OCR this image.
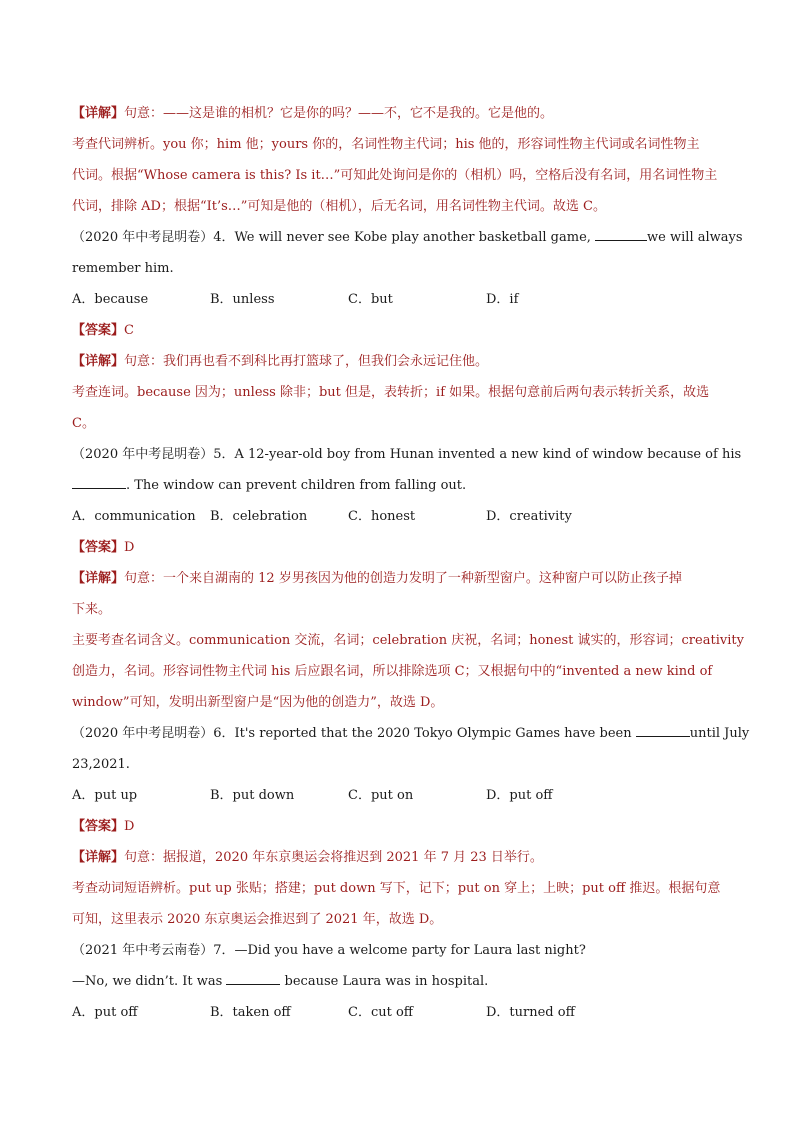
【详解】句意：——这是谁的相机？它是你的吗？——不，它不是我的。它是他的。
考查代词辨析。you 你；him 他；yours 你的，名词性物主代词；his 他的，形容词性物主代词或名词性物主
代词。根据“Whose camera is this? Is it…”可知此处询问是你的（相机）吗，空格后没有名词，用名词性物主
代词，排除 AD；根据“It’s…”可知是他的（相机），后无名词，用名词性物主代词。故选 C。
（2020 年中考昆明卷）4．We will never see Kobe play another basketball game,	we will always
remember him.
A．because	B．unless	C．but	D．if
【答案】C
【详解】句意：我们再也看不到科比再打篮球了，但我们会永远记住他。
考查连词。because 因为；unless 除非；but 但是，表转折；if 如果。根据句意前后两句表示转折关系，故选
C。
（2020 年中考昆明卷）5．A 12-year-old boy from Hunan invented a new kind of window because of his
. The window can prevent children from falling out.
A．communication	B．celebration	C．honest	D．creativity
【答案】D
【详解】句意：一个来自湖南的 12 岁男孩因为他的创造力发明了一种新型窗户。这种窗户可以防止孩子掉
下来。
主要考查名词含义。communication 交流，名词；celebration 庆祝，名词；honest 诚实的，形容词；creativity
创造力，名词。形容词性物主代词 his 后应跟名词，所以排除选项 C；又根据句中的“invented a new kind of
window”可知，发明出新型窗户是“因为他的创造力”，故选 D。
（2020 年中考昆明卷）6．It's reported that the 2020 Tokyo Olympic Games have been	until July
23,2021.
A．put up	B．put down	C．put on	D．put off
【答案】D
【详解】句意：据报道，2020 年东京奥运会将推迟到 2021 年 7 月 23 日举行。
考查动词短语辨析。put up 张贴；搭建；put down 写下，记下；put on 穿上；上映；put off 推迟。根据句意
可知，这里表示 2020 东京奥运会推迟到了 2021 年，故选 D。
（2021 年中考云南卷）7．—Did you have a welcome party for Laura last night?
—No, we didn’t. It was	because Laura was in hospital.
A．put off	B．taken off	C．cut off	D．turned off
